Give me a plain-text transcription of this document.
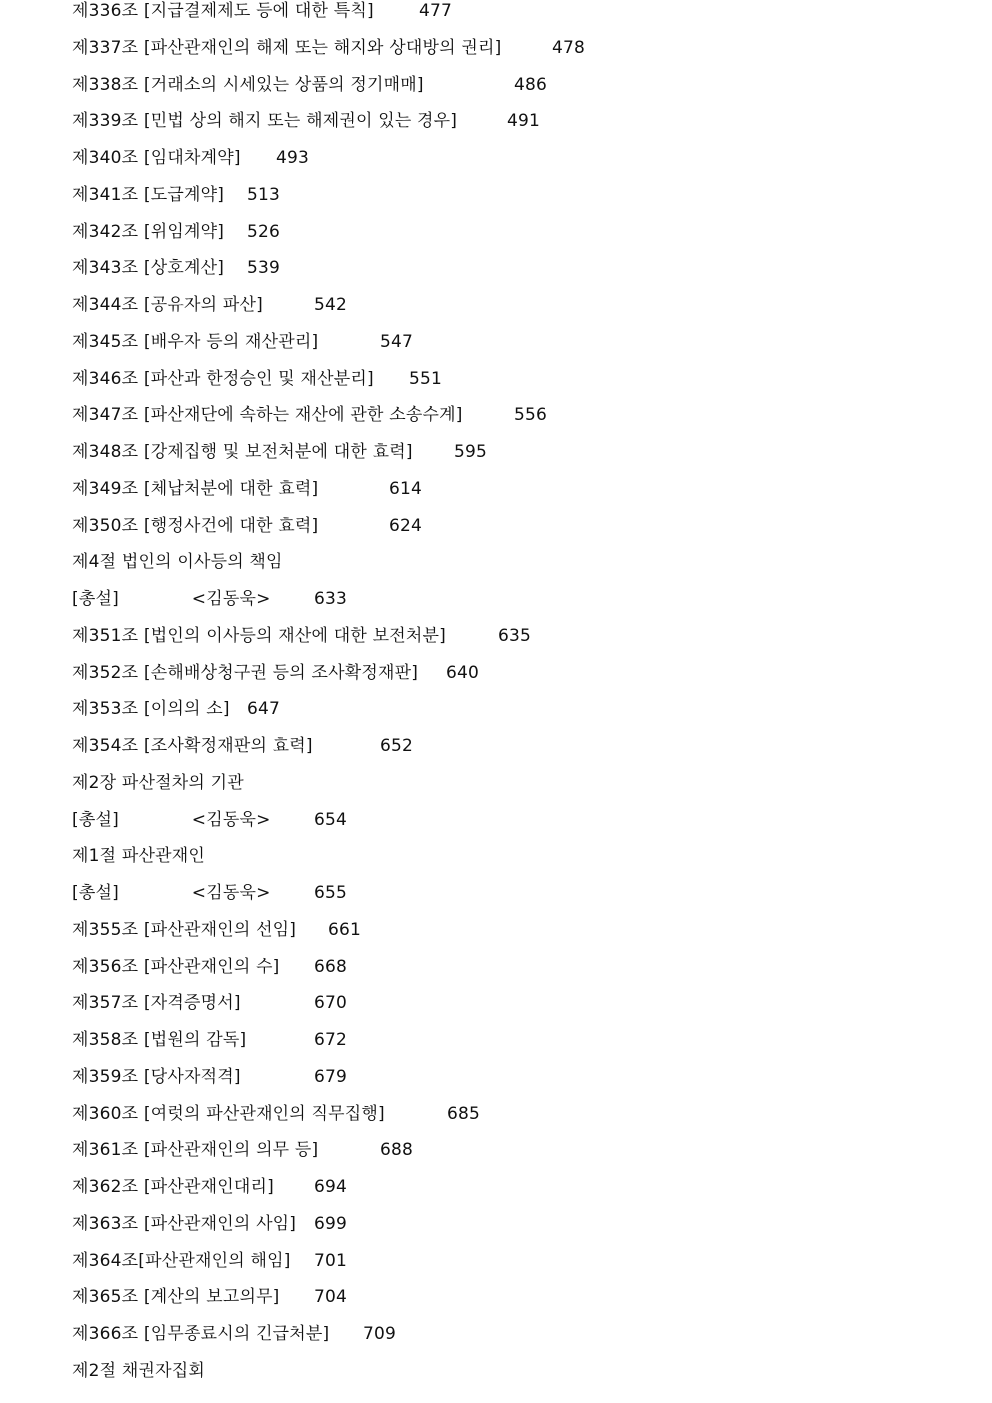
제336조 [지급결제제도 등에 대한 특칙]	477
제337조 [파산관재인의 해제 또는 해지와 상대방의 권리]	478
제338조 [거래소의 시세있는 상품의 정기매매]	486
제339조 [민법 상의 해지 또는 해제권이 있는 경우]	491
제340조 [임대차계약] 493
제341조 [도급계약] 513
제342조 [위임계약] 526
제343조 [상호계산] 539
제344조 [공유자의 파산]	542
제345조 [배우자 등의 재산관리]	547
제346조 [파산과 한정승인 및 재산분리] 551
제347조 [파산재단에 속하는 재산에 관한 소송수계]	556
제348조 [강제집행 및 보전처분에 대한 효력] 595
제349조 [체납처분에 대한 효력]	614
제350조 [행정사건에 대한 효력]	624
제4절 법인의 이사등의 책임
[총설]             <김동욱>	633
제351조 [법인의 이사등의 재산에 대한 보전처분]	635
제352조 [손해배상청구권 등의 조사확정재판] 640
제353조 [이의의 소] 647
제354조 [조사확정재판의 효력]	652
제2장 파산절차의 기관
[총설]             <김동욱>	654
제1절 파산관재인
[총설]             <김동욱>	655
제355조 [파산관재인의 선임] 661
제356조 [파산관재인의 수] 668
제357조 [자격증명서]	670
제358조 [법원의 감독]	672
제359조 [당사자적격]	679
제360조 [여럿의 파산관재인의 직무집행]	685
제361조 [파산관재인의 의무 등]	688
제362조 [파산관재인대리] 694
제363조 [파산관재인의 사임] 699
제364조[파산관재인의 해임] 701
제365조 [계산의 보고의무] 704
제366조 [임무종료시의 긴급처분] 709
제2절 채권자집회
